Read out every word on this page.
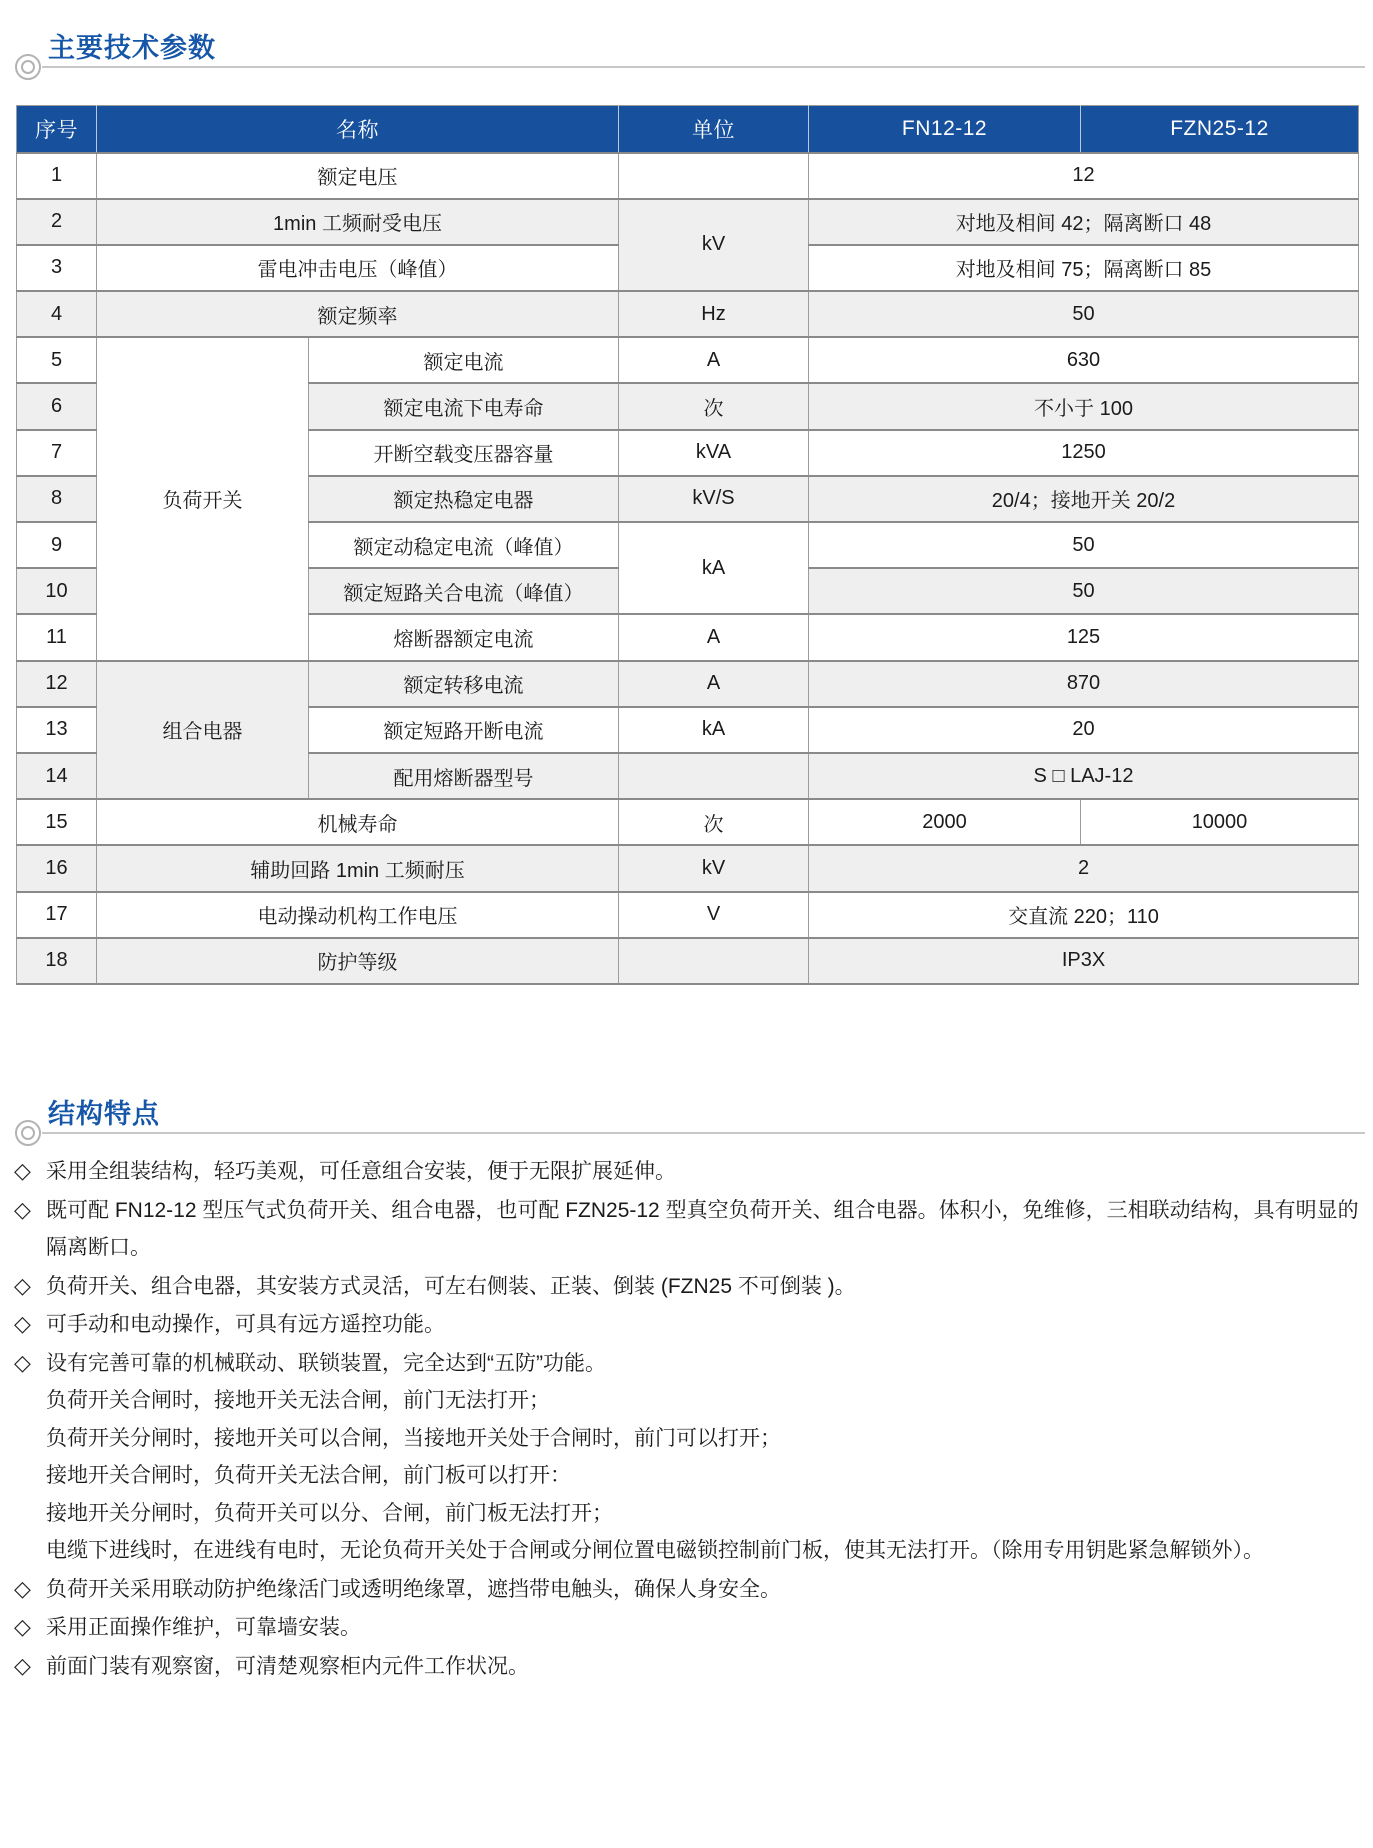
主要技术参数
序号	名称		单位	FN12-12	FZN25-12
1	额定电压			12	
2	1min 工频耐受电压		kV	对地及相间 42；隔离断口 48	
3	雷电冲击电压（峰值）			对地及相间 75；隔离断口 85	
4	额定频率		Hz	50	
5	负荷开关	额定电流	A	630	
6		额定电流下电寿命	次	不小于 100	
7		开断空载变压器容量	kVA	1250	
8		额定热稳定电器	kV/S	20/4；接地开关 20/2	
9		额定动稳定电流（峰值）	kA	50	
10		额定短路关合电流（峰值）		50	
11		熔断器额定电流	A	125	
12	组合电器	额定转移电流	A	870	
13		额定短路开断电流	kA	20	
14		配用熔断器型号		S □ LAJ-12	
15	机械寿命		次	2000	10000
16	辅助回路 1min 工频耐压		kV	2	
17	电动操动机构工作电压		V	交直流 220；110	
18	防护等级			IP3X	
结构特点
◇ 采用全组装结构，轻巧美观，可任意组合安装，便于无限扩展延伸。
◇ 既可配 FN12-12 型压气式负荷开关、组合电器，也可配 FZN25-12 型真空负荷开关、组合电器。体积小，免维修，三相联动结构，具有明显的隔离断口。
◇ 负荷开关、组合电器，其安装方式灵活，可左右侧装、正装、倒装 (FZN25 不可倒装 )。
◇ 可手动和电动操作，可具有远方遥控功能。
◇ 设有完善可靠的机械联动、联锁装置，完全达到“五防”功能。
负荷开关合闸时，接地开关无法合闸，前门无法打开；
负荷开关分闸时，接地开关可以合闸，当接地开关处于合闸时，前门可以打开；
接地开关合闸时，负荷开关无法合闸，前门板可以打开：
接地开关分闸时，负荷开关可以分、合闸，前门板无法打开；
电缆下进线时，在进线有电时，无论负荷开关处于合闸或分闸位置电磁锁控制前门板，使其无法打开。（除用专用钥匙紧急解锁外）。
◇ 负荷开关采用联动防护绝缘活门或透明绝缘罩，遮挡带电触头，确保人身安全。
◇ 采用正面操作维护，可靠墙安装。
◇ 前面门装有观察窗，可清楚观察柜内元件工作状况。
